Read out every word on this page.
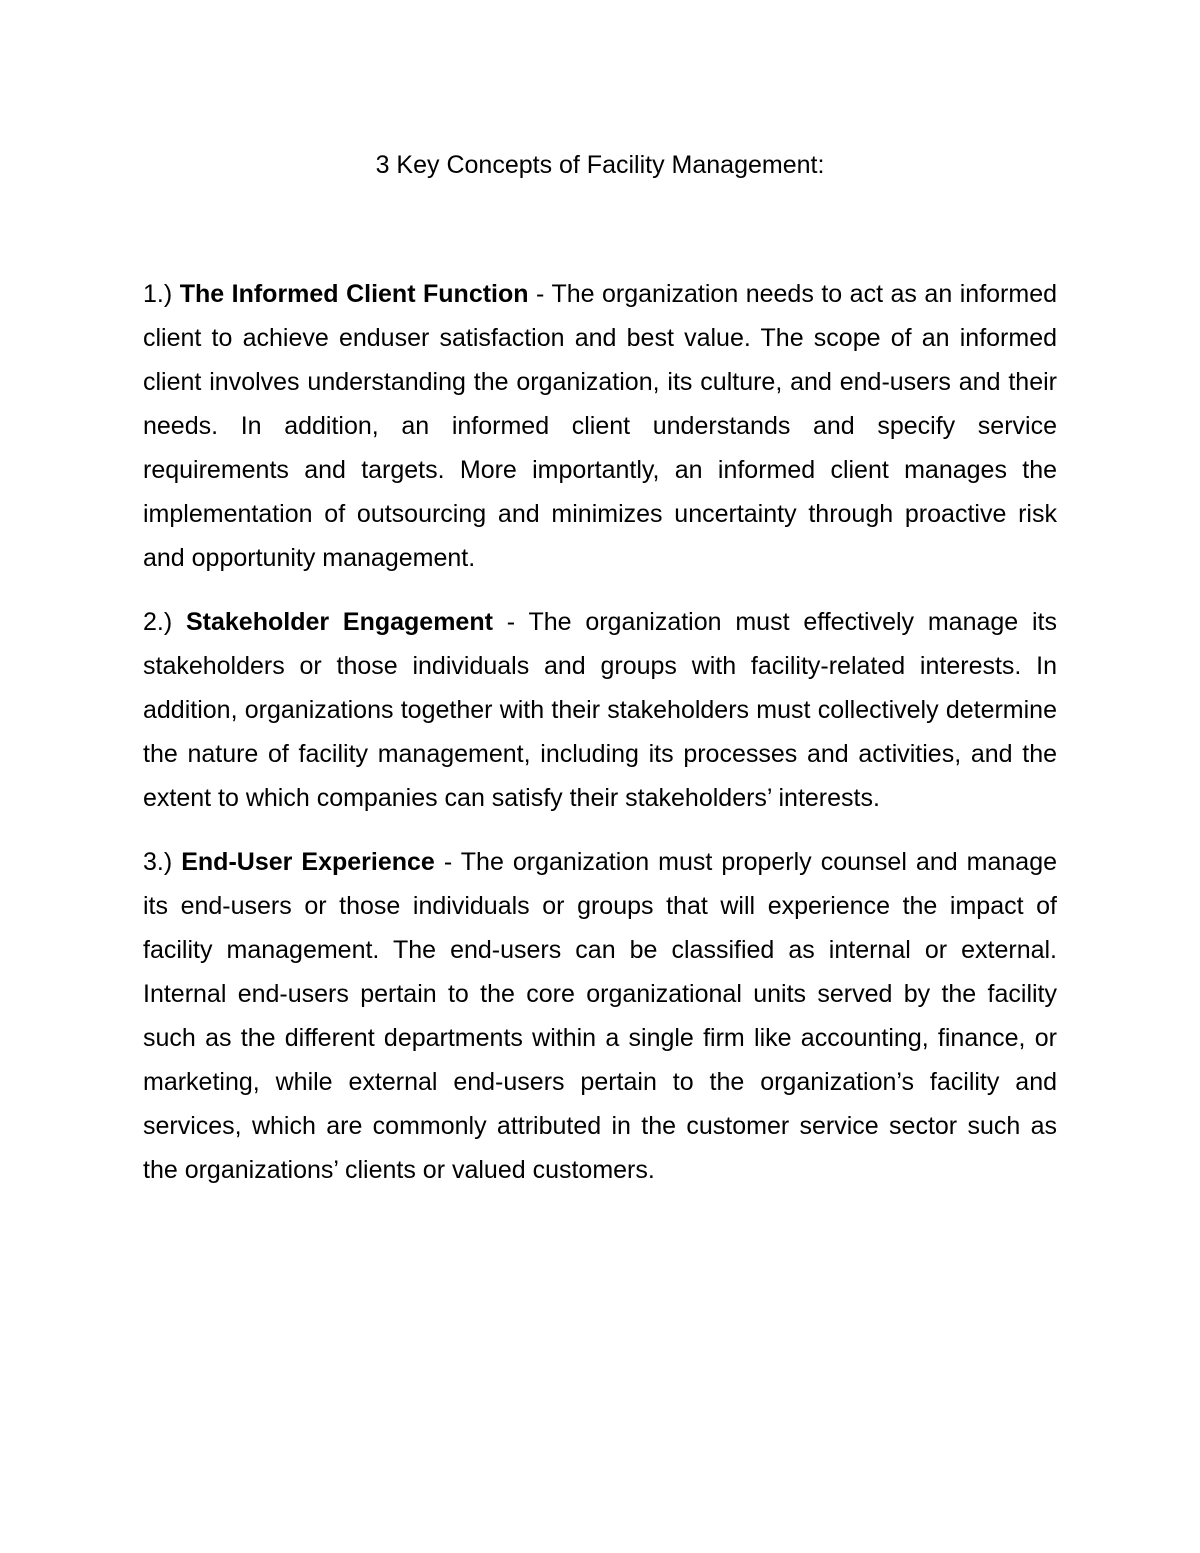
3 Key Concepts of Facility Management:

1.) The Informed Client Function - The organization needs to act as an informed client to achieve enduser satisfaction and best value. The scope of an informed client involves understanding the organization, its culture, and end-users and their needs. In addition, an informed client understands and specify service requirements and targets. More importantly, an informed client manages the implementation of outsourcing and minimizes uncertainty through proactive risk and opportunity management.

2.) Stakeholder Engagement - The organization must effectively manage its stakeholders or those individuals and groups with facility-related interests. In addition, organizations together with their stakeholders must collectively determine the nature of facility management, including its processes and activities, and the extent to which companies can satisfy their stakeholders’ interests.

3.) End-User Experience - The organization must properly counsel and manage its end-users or those individuals or groups that will experience the impact of facility management. The end-users can be classified as internal or external. Internal end-users pertain to the core organizational units served by the facility such as the different departments within a single firm like accounting, finance, or marketing, while external end-users pertain to the organization’s facility and services, which are commonly attributed in the customer service sector such as the organizations’ clients or valued customers.
